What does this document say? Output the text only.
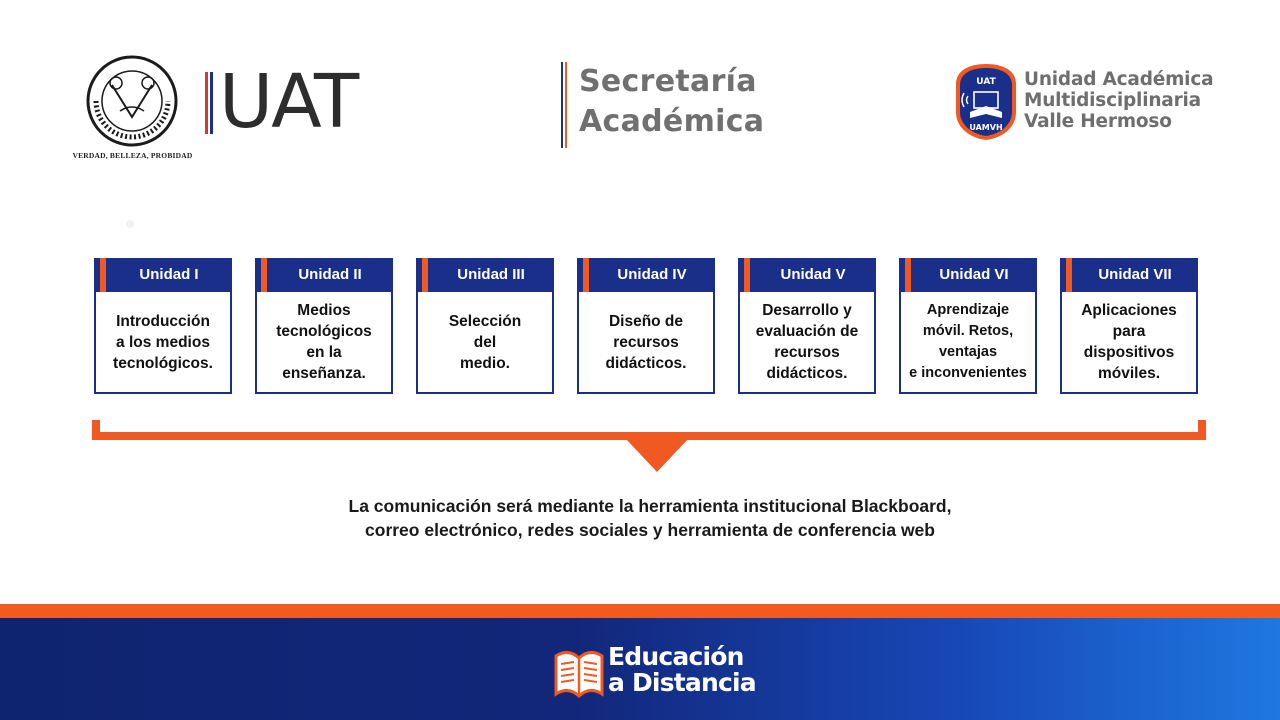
VERDAD, BELLEZA, PROBIDAD
UAT	Secretaría
Académica
UAT
UAMVH
Unidad Académica
Multidisciplinaria
Valle Hermoso
Unidad I
Introducción
a los medios
tecnológicos.
Unidad II
Medios
tecnológicos
en la
enseñanza.
Unidad III
Selección
del
medio.
Unidad IV
Diseño de
recursos
didácticos.
Unidad V
Desarrollo y
evaluación de
recursos
didácticos.
Unidad VI
Aprendizaje
móvil. Retos,
ventajas
e inconvenientes
Unidad VII
Aplicaciones
para
dispositivos
móviles.
La comunicación será mediante la herramienta institucional Blackboard,
correo electrónico, redes sociales y herramienta de conferencia web
Educación
a Distancia
